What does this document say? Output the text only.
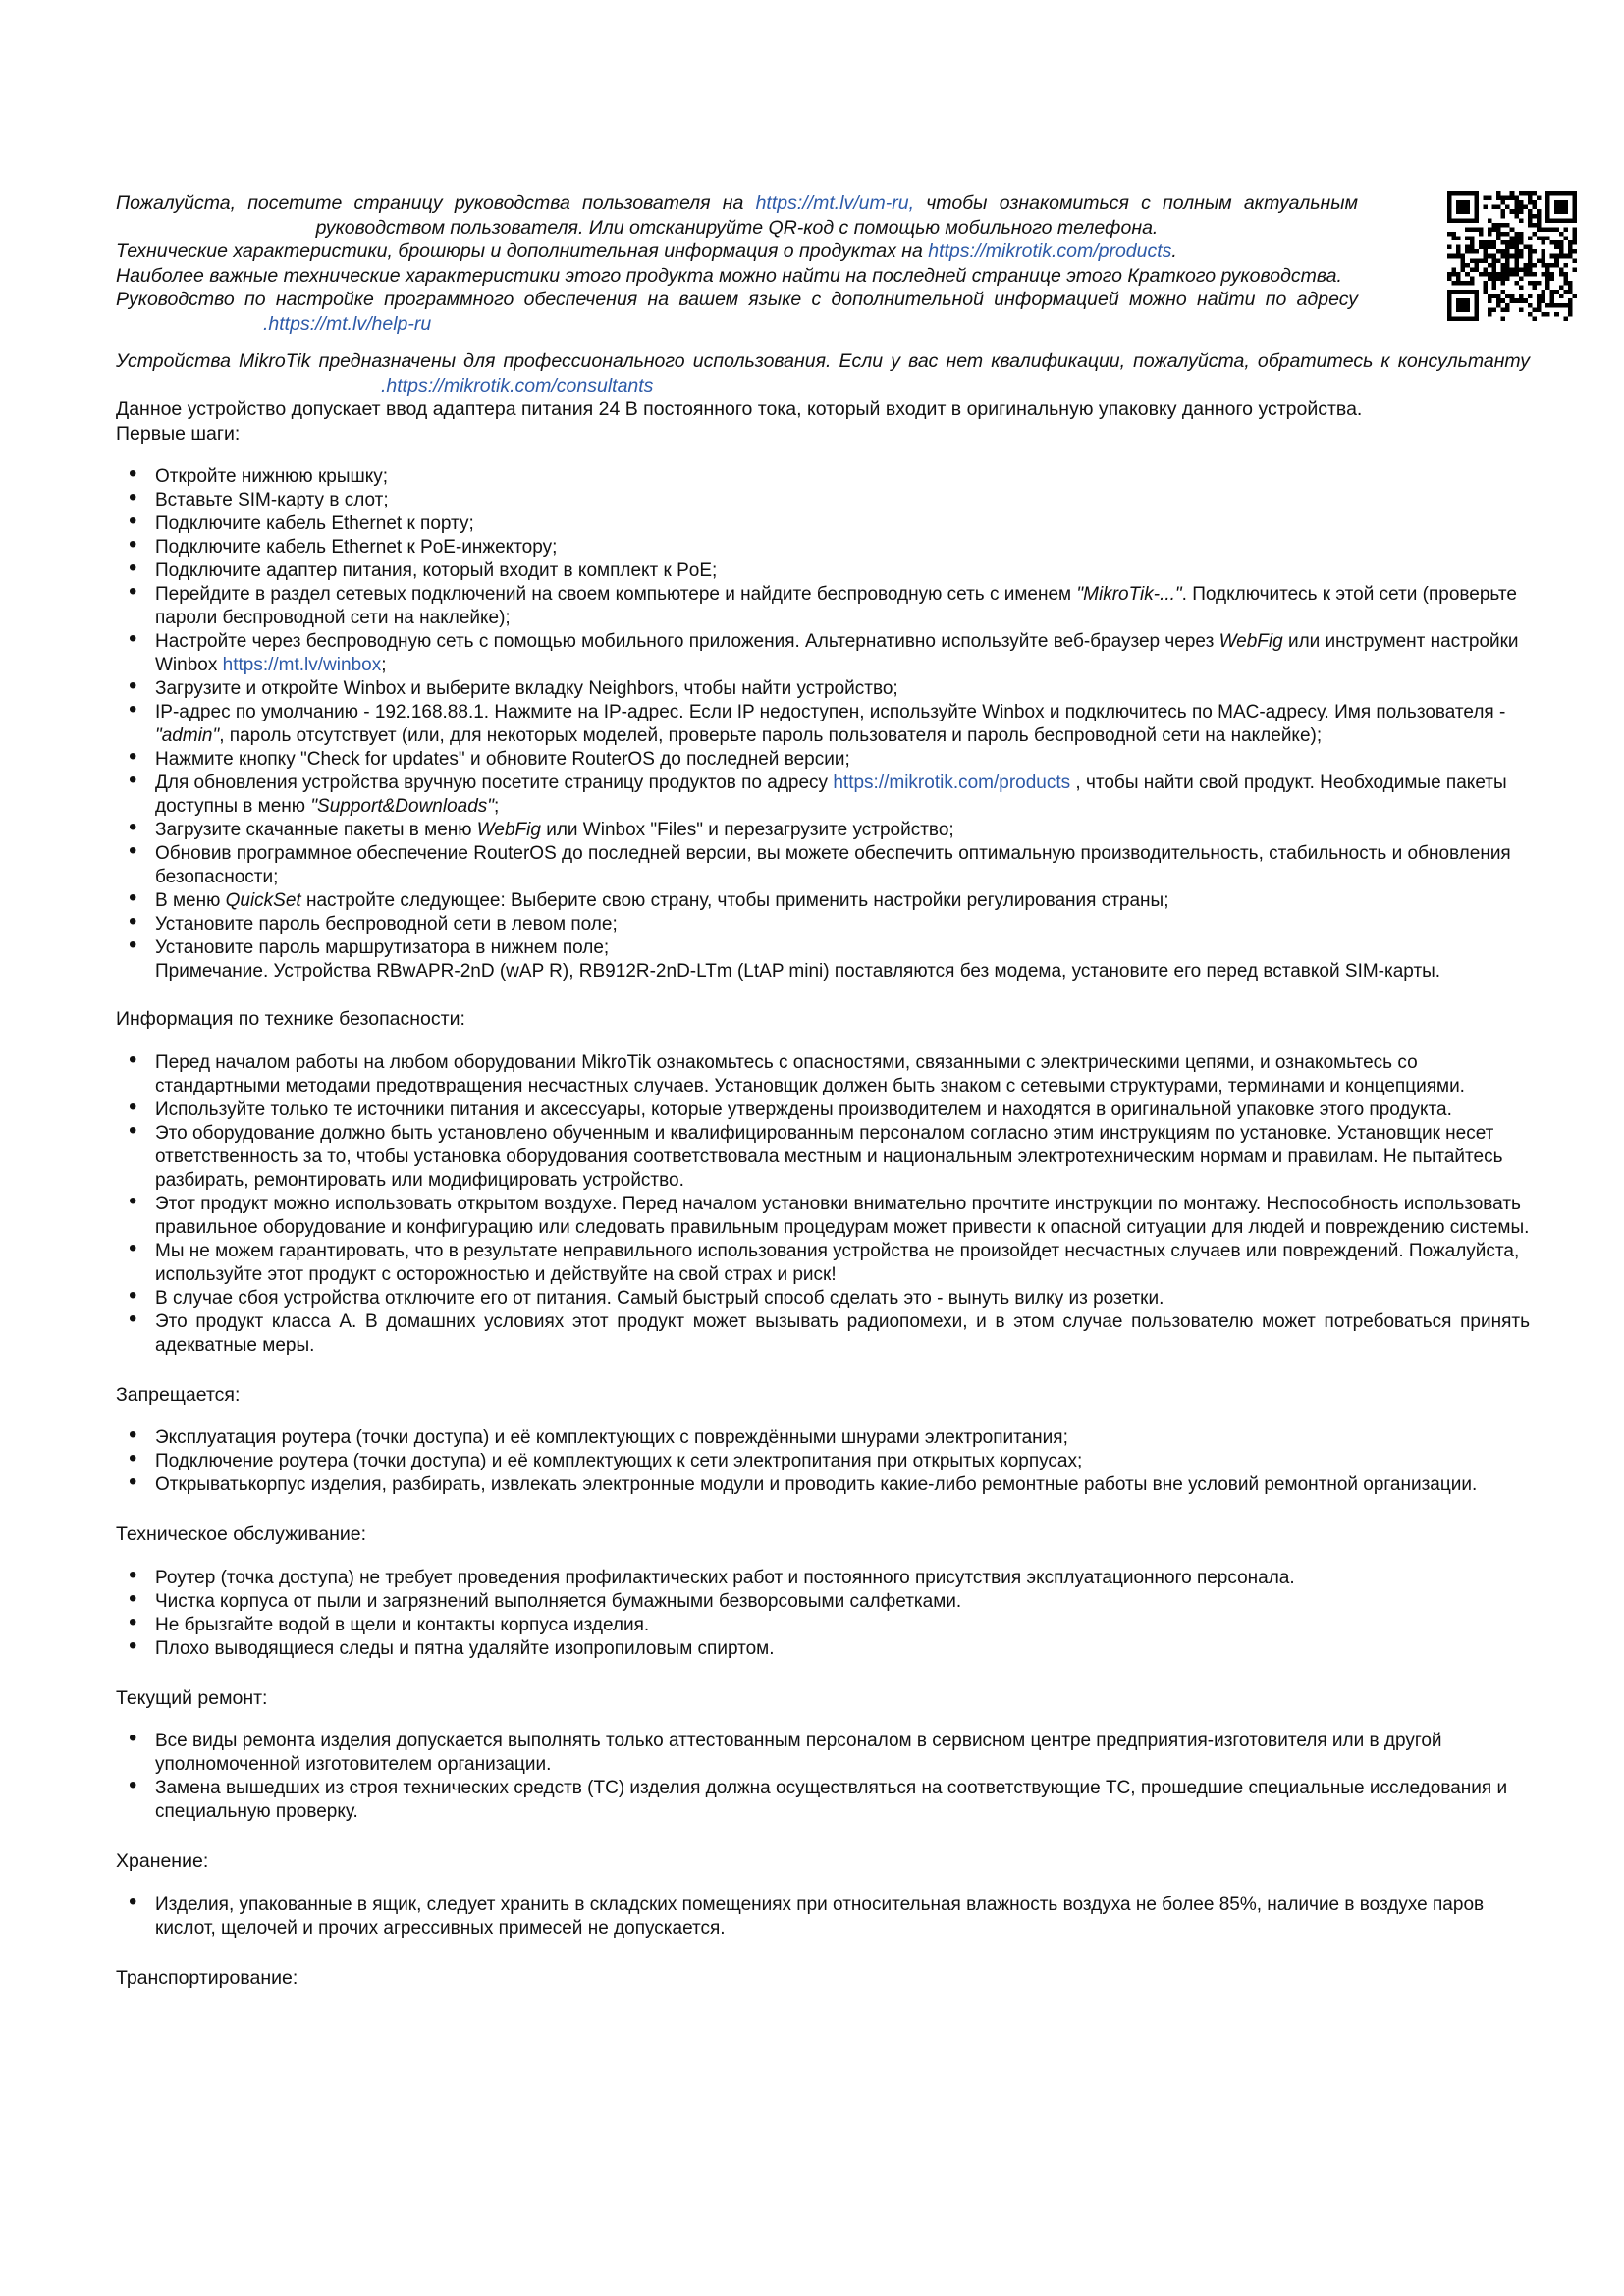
Пожалуйста, посетите страницу руководства пользователя на https://mt.lv/um-ru, чтобы ознакомиться с полным актуальным

руководством пользователя. Или отсканируйте QR-код с помощью мобильного телефона.

Технические характеристики, брошюры и дополнительная информация о продуктах на https://mikrotik.com/products.

Наиболее важные технические характеристики этого продукта можно найти на последней странице этого Краткого руководства.

Руководство по настройке программного обеспечения на вашем языке с дополнительной информацией можно найти по адресу

.https://mt.lv/help-ru

Устройства MikroTik предназначены для профессионального использования. Если у вас нет квалификации, пожалуйста, обратитесь к консультанту

.https://mikrotik.com/consultants

Данное устройство допускает ввод адаптера питания 24 В постоянного тока, который входит в оригинальную упаковку данного устройства.

Первые шаги:

• Откройте нижнюю крышку;
• Вставьте SIM-карту в слот;
• Подключите кабель Ethernet к порту;
• Подключите кабель Ethernet к PoE-инжектору;
• Подключите адаптер питания, который входит в комплект к PoE;
• Перейдите в раздел сетевых подключений на своем компьютере и найдите беспроводную сеть с именем "MikroTik-...". Подключитесь к этой сети (проверьте пароли беспроводной сети на наклейке);
• Настройте через беспроводную сеть с помощью мобильного приложения. Альтернативно используйте веб-браузер через WebFig или инструмент настройки Winbox https://mt.lv/winbox;
• Загрузите и откройте Winbox и выберите вкладку Neighbors, чтобы найти устройство;
• IP-адрес по умолчанию - 192.168.88.1. Нажмите на IP-адрес. Если IP недоступен, используйте Winbox и подключитесь по MAC-адресу. Имя пользователя - "admin", пароль отсутствует (или, для некоторых моделей, проверьте пароль пользователя и пароль беспроводной сети на наклейке);
• Нажмите кнопку "Check for updates" и обновите RouterOS до последней версии;
• Для обновления устройства вручную посетите страницу продуктов по адресу https://mikrotik.com/products , чтобы найти свой продукт. Необходимые пакеты доступны в меню "Support&Downloads";
• Загрузите скачанные пакеты в меню WebFig или Winbox "Files" и перезагрузите устройство;
• Обновив программное обеспечение RouterOS до последней версии, вы можете обеспечить оптимальную производительность, стабильность и обновления безопасности;
• В меню QuickSet настройте следующее: Выберите свою страну, чтобы применить настройки регулирования страны;
• Установите пароль беспроводной сети в левом поле;
• Установите пароль маршрутизатора в нижнем поле;
Примечание. Устройства RBwAPR-2nD (wAP R), RB912R-2nD-LTm (LtAP mini) поставляются без модема, установите его перед вставкой SIM-карты.

Информация по технике безопасности:

• Перед началом работы на любом оборудовании MikroTik ознакомьтесь с опасностями, связанными с электрическими цепями, и ознакомьтесь со стандартными методами предотвращения несчастных случаев. Установщик должен быть знаком с сетевыми структурами, терминами и концепциями.
• Используйте только те источники питания и аксессуары, которые утверждены производителем и находятся в оригинальной упаковке этого продукта.
• Это оборудование должно быть установлено обученным и квалифицированным персоналом согласно этим инструкциям по установке. Установщик несет ответственность за то, чтобы установка оборудования соответствовала местным и национальным электротехническим нормам и правилам. Не пытайтесь разбирать, ремонтировать или модифицировать устройство.
• Этот продукт можно использовать открытом воздухе. Перед началом установки внимательно прочтите инструкции по монтажу. Неспособность использовать правильное оборудование и конфигурацию или следовать правильным процедурам может привести к опасной ситуации для людей и повреждению системы.
• Мы не можем гарантировать, что в результате неправильного использования устройства не произойдет несчастных случаев или повреждений. Пожалуйста, используйте этот продукт с осторожностью и действуйте на свой страх и риск!
• В случае сбоя устройства отключите его от питания. Самый быстрый способ сделать это - вынуть вилку из розетки.
• Это продукт класса А. В домашних условиях этот продукт может вызывать радиопомехи, и в этом случае пользователю может потребоваться принять адекватные меры.

Запрещается:

• Эксплуатация роутера (точки доступа) и её комплектующих с повреждёнными шнурами электропитания;
• Подключение роутера (точки доступа) и её комплектующих к сети электропитания при открытых корпусах;
• Открыватькорпус изделия, разбирать, извлекать электронные модули и проводить какие-либо ремонтные работы вне условий ремонтной организации.

Техническое обслуживание:

• Роутер (точка доступа) не требует проведения профилактических работ и постоянного присутствия эксплуатационного персонала.
• Чистка корпуса от пыли и загрязнений выполняется бумажными безворсовыми салфетками.
• Не брызгайте водой в щели и контакты корпуса изделия.
• Плохо выводящиеся следы и пятна удаляйте изопропиловым спиртом.

Текущий ремонт:

• Все виды ремонта изделия допускается выполнять только аттестованным персоналом в сервисном центре предприятия-изготовителя или в другой уполномоченной изготовителем организации.
• Замена вышедших из строя технических средств (ТС) изделия должна осуществляться на соответствующие ТС, прошедшие специальные исследования и специальную проверку.

Хранение:

• Изделия, упакованные в ящик, следует хранить в складских помещениях при относительная влажность воздуха не более 85%, наличие в воздухе паров кислот, щелочей и прочих агрессивных примесей не допускается.

Транспортирование:
